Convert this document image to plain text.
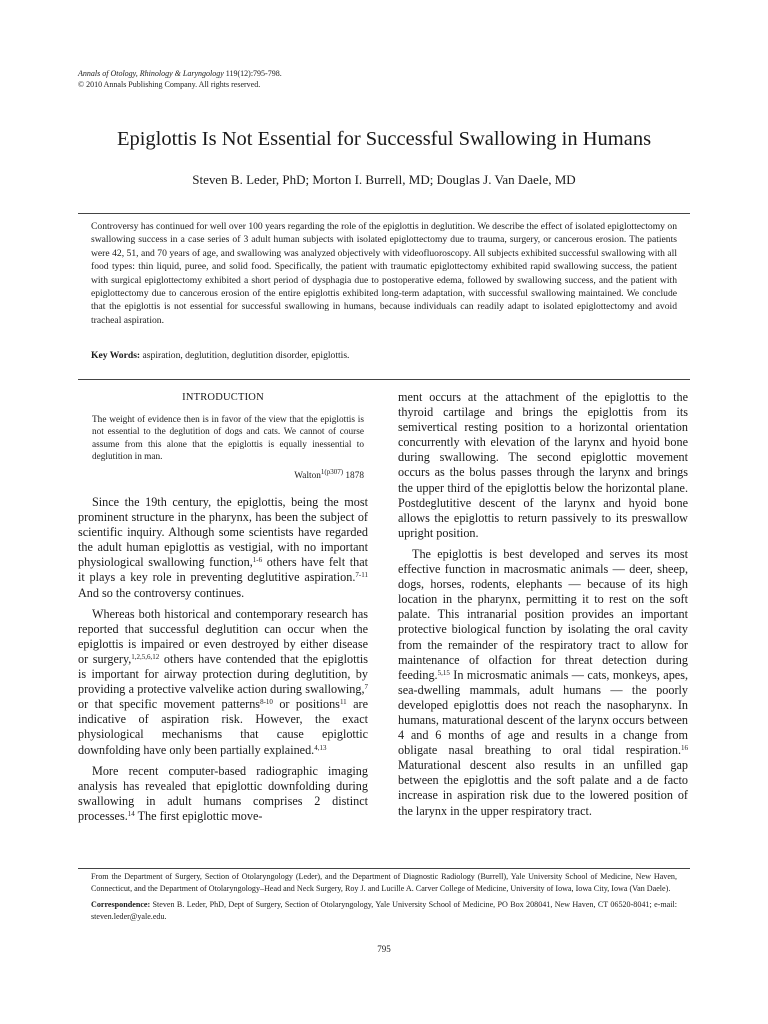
Annals of Otology, Rhinology & Laryngology 119(12):795-798.
© 2010 Annals Publishing Company. All rights reserved.
Epiglottis Is Not Essential for Successful Swallowing in Humans
Steven B. Leder, PhD; Morton I. Burrell, MD; Douglas J. Van Daele, MD

Controversy has continued for well over 100 years regarding the role of the epiglottis in deglutition. We describe the effect of isolated epiglottectomy on swallowing success in a case series of 3 adult human subjects with isolated epiglottectomy due to trauma, surgery, or cancerous erosion. The patients were 42, 51, and 70 years of age, and swallowing was analyzed objectively with videofluoroscopy. All subjects exhibited successful swallowing with all food types: thin liquid, puree, and solid food. Specifically, the patient with traumatic epiglottectomy exhibited rapid swallowing success, the patient with surgical epiglottectomy exhibited a short period of dysphagia due to postoperative edema, followed by swallowing success, and the patient with epiglottectomy due to cancerous erosion of the entire epiglottis exhibited long-term adaptation, with successful swallowing maintained. We conclude that the epiglottis is not essential for successful swallowing in humans, because individuals can readily adapt to isolated epiglottectomy and avoid tracheal aspiration.

Key Words: aspiration, deglutition, deglutition disorder, epiglottis.

INTRODUCTION
The weight of evidence then is in favor of the view that the epiglottis is not essential to the deglutition of dogs and cats. We cannot of course assume from this alone that the epiglottis is equally inessential to deglutition in man.
Walton$^{1(p307)}$ 1878

Since the 19th century, the epiglottis, being the most prominent structure in the pharynx, has been the subject of scientific inquiry. Although some scientists have regarded the adult human epiglottis as vestigial, with no important physiological swallowing function,$^{1-6}$ others have felt that it plays a key role in preventing deglutitive aspiration.$^{7-11}$ And so the controversy continues.

Whereas both historical and contemporary research has reported that successful deglutition can occur when the epiglottis is impaired or even destroyed by either disease or surgery,$^{1,2,5,6,12}$ others have contended that the epiglottis is important for airway protection during deglutition, by providing a protective valvelike action during swallowing,$^7$ or that specific movement patterns$^{8-10}$ or positions$^{11}$ are indicative of aspiration risk. However, the exact physiological mechanisms that cause epiglottic downfolding have only been partially explained.$^{4,13}$

More recent computer-based radiographic imaging analysis has revealed that epiglottic downfolding during swallowing in adult humans comprises 2 distinct processes.$^{14}$ The first epiglottic move-

ment occurs at the attachment of the epiglottis to the thyroid cartilage and brings the epiglottis from its semivertical resting position to a horizontal orientation concurrently with elevation of the larynx and hyoid bone during swallowing. The second epiglottic movement occurs as the bolus passes through the larynx and brings the upper third of the epiglottis below the horizontal plane. Postdeglutitive descent of the larynx and hyoid bone allows the epiglottis to return passively to its preswallow upright position.

The epiglottis is best developed and serves its most effective function in macrosmatic animals — deer, sheep, dogs, horses, rodents, elephants — because of its high location in the pharynx, permitting it to rest on the soft palate. This intranarial position provides an important protective biological function by isolating the oral cavity from the remainder of the respiratory tract to allow for maintenance of olfaction for threat detection during feeding.$^{5,15}$ In microsmatic animals — cats, monkeys, apes, sea-dwelling mammals, adult humans — the poorly developed epiglottis does not reach the nasopharynx. In humans, maturational descent of the larynx occurs between 4 and 6 months of age and results in a change from obligate nasal breathing to oral tidal respiration.$^{16}$ Maturational descent also results in an unfilled gap between the epiglottis and the soft palate and a de facto increase in aspiration risk due to the lowered position of the larynx in the upper respiratory tract.

From the Department of Surgery, Section of Otolaryngology (Leder), and the Department of Diagnostic Radiology (Burrell), Yale University School of Medicine, New Haven, Connecticut, and the Department of Otolaryngology–Head and Neck Surgery, Roy J. and Lucille A. Carver College of Medicine, University of Iowa, Iowa City, Iowa (Van Daele).

Correspondence: Steven B. Leder, PhD, Dept of Surgery, Section of Otolaryngology, Yale University School of Medicine, PO Box 208041, New Haven, CT 06520-8041; e-mail: steven.leder@yale.edu.

795
